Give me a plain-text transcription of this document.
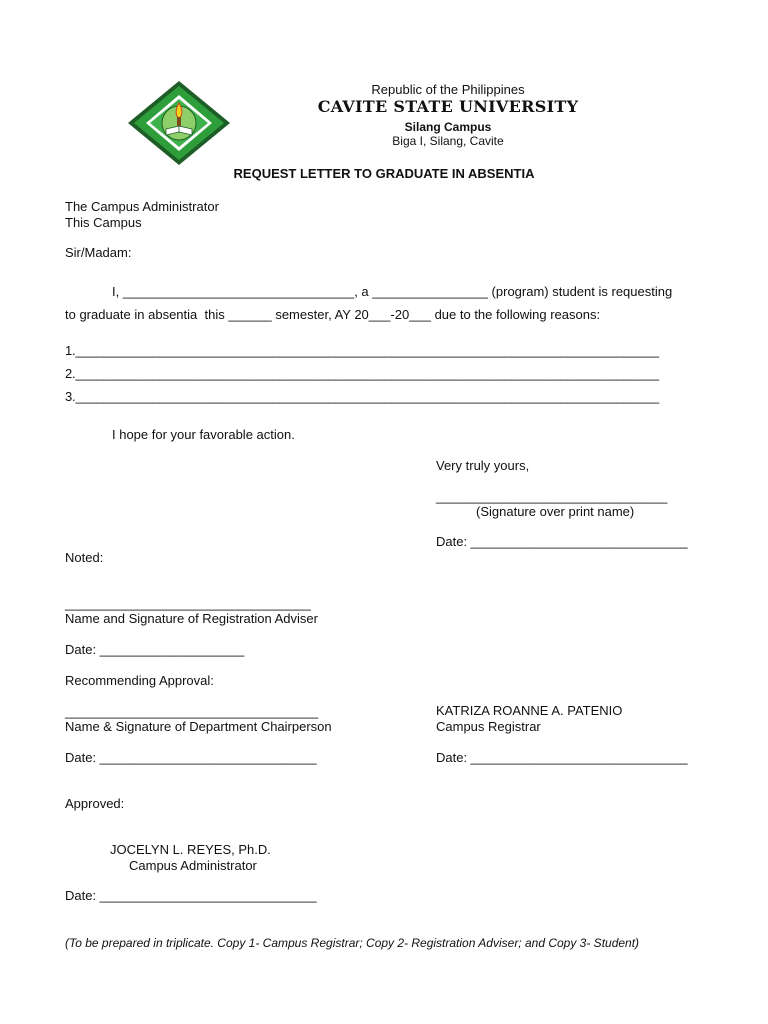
Republic of the Philippines
CAVITE STATE UNIVERSITY
Silang Campus
Biga I, Silang, Cavite
REQUEST LETTER TO GRADUATE IN ABSENTIA
The Campus Administrator
This Campus
Sir/Madam:
I, ________________________________, a ________________ (program) student is requesting
to graduate in absentia  this ______ semester, AY 20___-20___ due to the following reasons:
1.___________________________________________________________________________________
2.___________________________________________________________________________________
3.___________________________________________________________________________________
I hope for your favorable action.
Very truly yours,
________________________________
(Signature over print name)
Date: ______________________________
Noted:
__________________________________
Name and Signature of Registration Adviser
Date: ____________________
Recommending Approval:
___________________________________
Name & Signature of Department Chairperson
Date: ______________________________
KATRIZA ROANNE A. PATENIO
Campus Registrar
Date: ______________________________
Approved:
JOCELYN L. REYES, Ph.D.
Campus Administrator
Date: ______________________________
(To be prepared in triplicate. Copy 1- Campus Registrar; Copy 2- Registration Adviser; and Copy 3- Student)
